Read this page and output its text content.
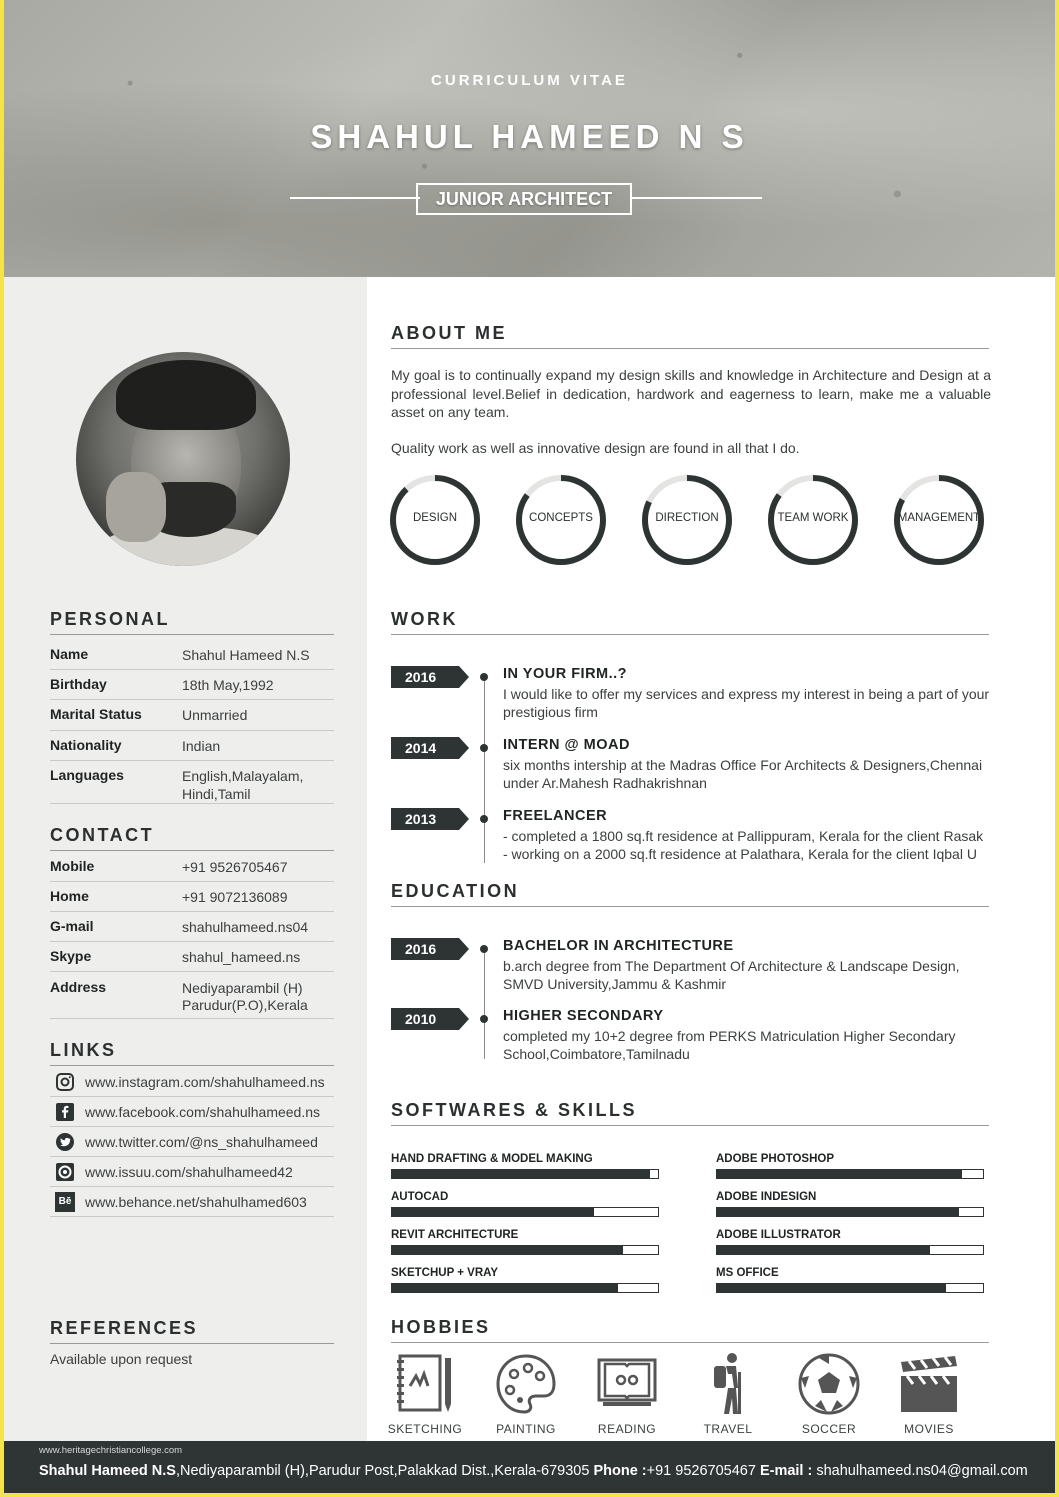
CURRICULUM VITAE
SHAHUL HAMEED N S
JUNIOR ARCHITECT
PERSONAL
Name	Shahul Hameed N.S
Birthday	18th May,1992
Marital Status	Unmarried
Nationality	Indian
Languages	English,Malayalam,
Hindi,Tamil
CONTACT
Mobile	+91 9526705467
Home	+91 9072136089
G-mail	shahulhameed.ns04
Skype	shahul_hameed.ns
Address	Nediyaparambil (H)
Parudur(P.O),Kerala
LINKS
www.instagram.com/shahulhameed.ns
www.facebook.com/shahulhameed.ns
www.twitter.com/@ns_shahulhameed
www.issuu.com/shahulhameed42
Bē www.behance.net/shahulhamed603
REFERENCES
Available upon request
ABOUT ME
My goal is to continually expand my design skills and knowledge in Architecture and Design at a professional level.Belief in dedication, hardwork and eagerness to learn, make me a valuable asset on any team.
Quality work as well as innovative design are found in all that I do.
DESIGN	CONCEPTS	DIRECTION	TEAM WORK	MANAGEMENT
WORK
2016	IN YOUR FIRM..?
I would like to offer my services and express my interest in being a part of your prestigious firm
2014	INTERN @ MOAD
six months intership at the Madras Office For Architects & Designers,Chennai under Ar.Mahesh Radhakrishnan
2013	FREELANCER
- completed a 1800 sq.ft residence at Pallippuram, Kerala for the client Rasak
- working on a 2000 sq.ft residence at Palathara, Kerala for the client Iqbal U
EDUCATION
2016	BACHELOR IN ARCHITECTURE
b.arch degree from The Department Of Architecture & Landscape Design, SMVD University,Jammu & Kashmir
2010	HIGHER SECONDARY
completed my 10+2 degree from PERKS Matriculation Higher Secondary School,Coimbatore,Tamilnadu
SOFTWARES & SKILLS
HAND DRAFTING & MODEL MAKING	ADOBE PHOTOSHOP
AUTOCAD	ADOBE INDESIGN
REVIT ARCHITECTURE	ADOBE ILLUSTRATOR
SKETCHUP + VRAY	MS OFFICE
HOBBIES
SKETCHING	PAINTING	READING	TRAVEL	SOCCER	MOVIES
www.heritagechristiancollege.com
Shahul Hameed N.S,Nediyaparambil (H),Parudur Post,Palakkad Dist.,Kerala-679305 Phone :+91 9526705467 E-mail : shahulhameed.ns04@gmail.com
